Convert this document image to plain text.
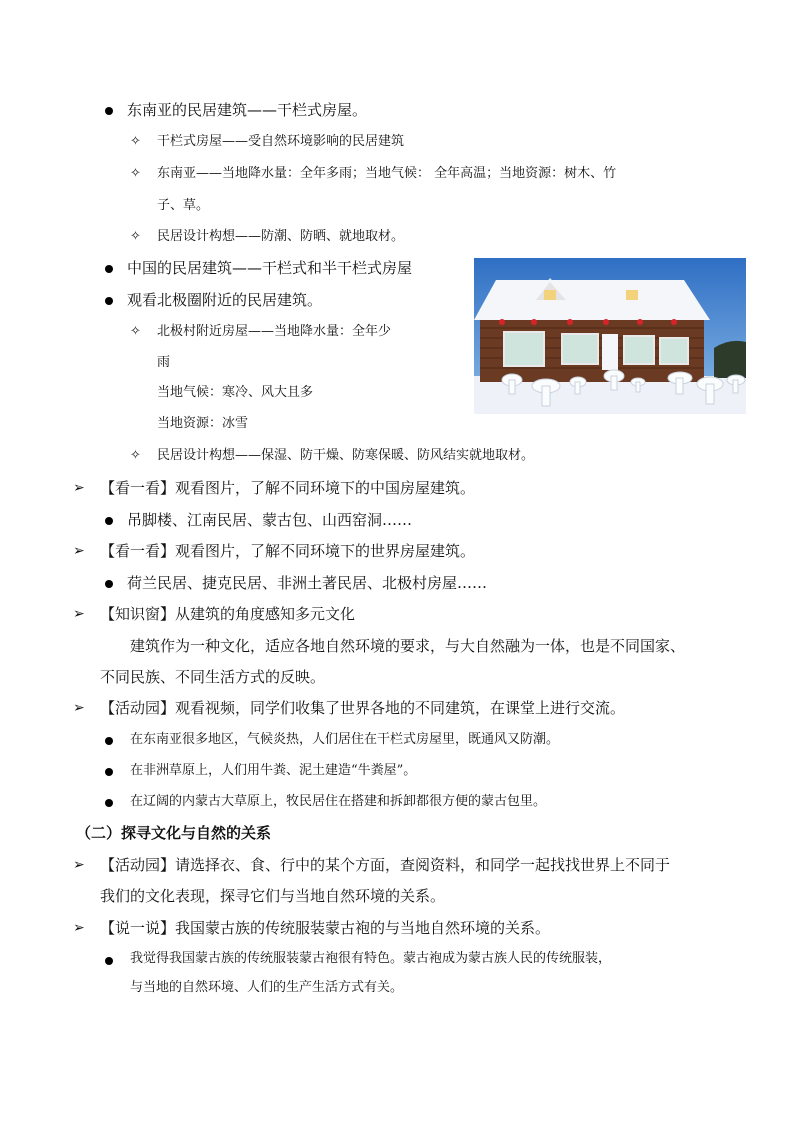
东南亚的民居建筑——干栏式房屋。
✧ 干栏式房屋——受自然环境影响的民居建筑
✧ 东南亚——当地降水量：全年多雨；当地气候： 全年高温；当地资源：树木、竹
子、草。
✧ 民居设计构想——防潮、防晒、就地取材。
中国的民居建筑——干栏式和半干栏式房屋
观看北极圈附近的民居建筑。
✧ 北极村附近房屋——当地降水量：全年少
雨
当地气候：寒冷、风大且多
当地资源：冰雪
✧ 民居设计构想——保湿、防干燥、防寒保暖、防风结实就地取材。
➢ 【看一看】观看图片，了解不同环境下的中国房屋建筑。
吊脚楼、江南民居、蒙古包、山西窑洞……
➢ 【看一看】观看图片，了解不同环境下的世界房屋建筑。
荷兰民居、捷克民居、非洲土著民居、北极村房屋……
➢ 【知识窗】从建筑的角度感知多元文化
建筑作为一种文化，适应各地自然环境的要求，与大自然融为一体，也是不同国家、
不同民族、不同生活方式的反映。
➢ 【活动园】观看视频，同学们收集了世界各地的不同建筑，在课堂上进行交流。
在东南亚很多地区，气候炎热，人们居住在干栏式房屋里，既通风又防潮。
在非洲草原上，人们用牛粪、泥土建造“牛粪屋”。
在辽阔的内蒙古大草原上，牧民居住在搭建和拆卸都很方便的蒙古包里。
（二）探寻文化与自然的关系
➢ 【活动园】请选择衣、食、行中的某个方面，查阅资料，和同学一起找找世界上不同于
我们的文化表现，探寻它们与当地自然环境的关系。
➢ 【说一说】我国蒙古族的传统服装蒙古袍的与当地自然环境的关系。
我觉得我国蒙古族的传统服装蒙古袍很有特色。蒙古袍成为蒙古族人民的传统服装，
与当地的自然环境、人们的生产生活方式有关。
